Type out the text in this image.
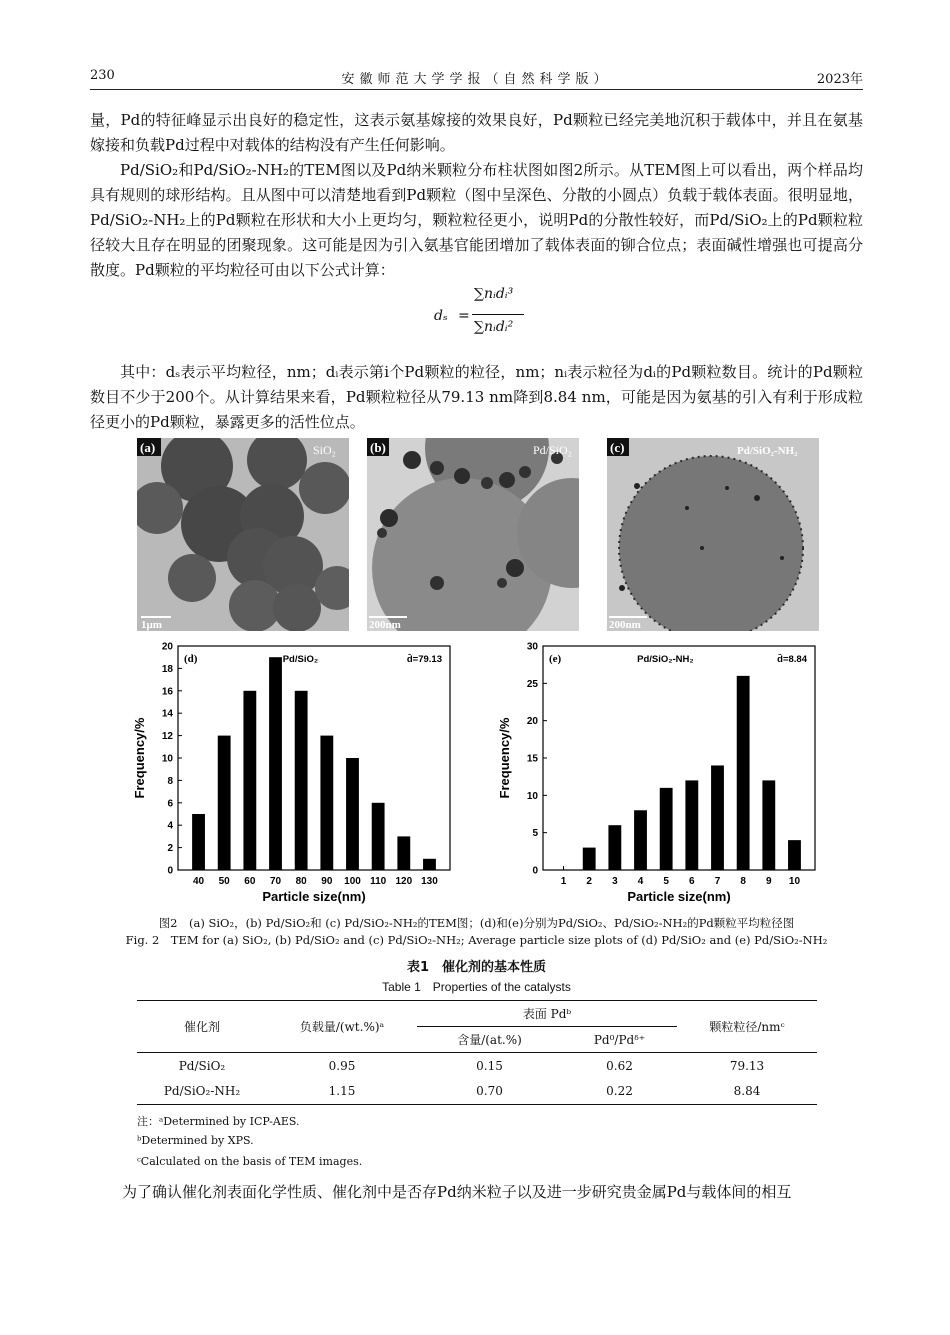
230	安徽师范大学学报（自然科学版）	2023年
量，Pd的特征峰显示出良好的稳定性，这表示氨基嫁接的效果良好，Pd颗粒已经完美地沉积于载体中，并且在氨基嫁接和负载Pd过程中对载体的结构没有产生任何影响。
Pd/SiO₂和Pd/SiO₂-NH₂的TEM图以及Pd纳米颗粒分布柱状图如图2所示。从TEM图上可以看出，两个样品均具有规则的球形结构。且从图中可以清楚地看到Pd颗粒（图中呈深色、分散的小圆点）负载于载体表面。很明显地，Pd/SiO₂-NH₂上的Pd颗粒在形状和大小上更均匀，颗粒粒径更小，说明Pd的分散性较好，而Pd/SiO₂上的Pd颗粒粒径较大且存在明显的团聚现象。这可能是因为引入氨基官能团增加了载体表面的铆合位点；表面碱性增强也可提高分散度。Pd颗粒的平均粒径可由以下公式计算：
dₛ =
∑nᵢdᵢ³
∑nᵢdᵢ²
其中：dₛ表示平均粒径，nm；dᵢ表示第i个Pd颗粒的粒径，nm；nᵢ表示粒径为dᵢ的Pd颗粒数目。统计的Pd颗粒数目不少于200个。从计算结果来看，Pd颗粒粒径从79.13 nm降到8.84 nm，可能是因为氨基的引入有利于形成粒径更小的Pd颗粒，暴露更多的活性位点。
(a)	SiO₂
1μm
(b)	Pd/SiO₂
200nm
(c)	Pd/SiO₂-NH₂
200nm
0
2
4
6
8
10
12
14
16
18
20
40 50 60 70 80 90 100 110 120 130
Particle size(nm)
Frequency/%
(d)	Pd/SiO₂	d̄=79.13
0
5
10
15
20
25
30
1 2 3 4 5 6 7 8 9 10
Particle size(nm)
Frequency/%
(e)	Pd/SiO₂-NH₂	d̄=8.84
图2　(a) SiO₂，(b) Pd/SiO₂和 (c) Pd/SiO₂-NH₂的TEM图；(d)和(e)分别为Pd/SiO₂、Pd/SiO₂-NH₂的Pd颗粒平均粒径图
Fig. 2　TEM for (a) SiO₂, (b) Pd/SiO₂ and (c) Pd/SiO₂-NH₂; Average particle size plots of (d) Pd/SiO₂ and (e) Pd/SiO₂-NH₂
表1　催化剂的基本性质
Table 1　Properties of the catalysts
催化剂	负载量/(wt.%)ᵃ	表面 Pdᵇ		颗粒粒径/nmᶜ
		含量/(at.%)	Pd⁰/Pdᵟ⁺	
Pd/SiO₂	0.95	0.15	0.62	79.13
Pd/SiO₂-NH₂	1.15	0.70	0.22	8.84
注：ᵃDetermined by ICP-AES.
ᵇDetermined by XPS.
ᶜCalculated on the basis of TEM images.
为了确认催化剂表面化学性质、催化剂中是否存Pd纳米粒子以及进一步研究贵金属Pd与载体间的相互
